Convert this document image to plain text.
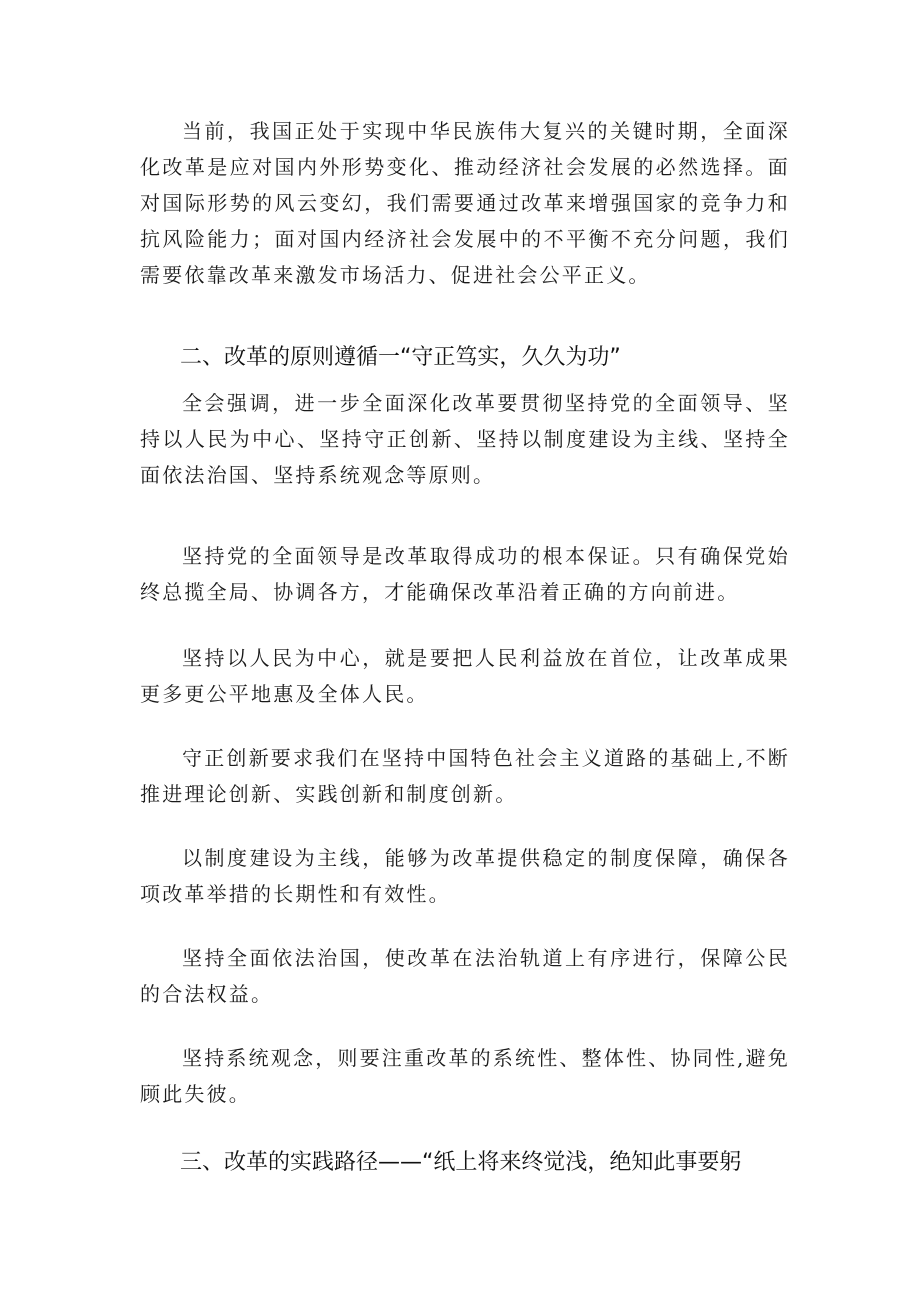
当前，我国正处于实现中华民族伟大复兴的关键时期，全面深化改革是应对国内外形势变化、推动经济社会发展的必然选择。面对国际形势的风云变幻，我们需要通过改革来增强国家的竞争力和抗风险能力；面对国内经济社会发展中的不平衡不充分问题，我们需要依靠改革来激发市场活力、促进社会公平正义。

二、改革的原则遵循一“守正笃实，久久为功”

全会强调，进一步全面深化改革要贯彻坚持党的全面领导、坚持以人民为中心、坚持守正创新、坚持以制度建设为主线、坚持全面依法治国、坚持系统观念等原则。

坚持党的全面领导是改革取得成功的根本保证。只有确保党始终总揽全局、协调各方，才能确保改革沿着正确的方向前进。

坚持以人民为中心，就是要把人民利益放在首位，让改革成果更多更公平地惠及全体人民。

守正创新要求我们在坚持中国特色社会主义道路的基础上,不断推进理论创新、实践创新和制度创新。

以制度建设为主线，能够为改革提供稳定的制度保障，确保各项改革举措的长期性和有效性。

坚持全面依法治国，使改革在法治轨道上有序进行，保障公民的合法权益。

坚持系统观念，则要注重改革的系统性、整体性、协同性,避免顾此失彼。

三、改革的实践路径——“纸上将来终觉浅，绝知此事要躬
